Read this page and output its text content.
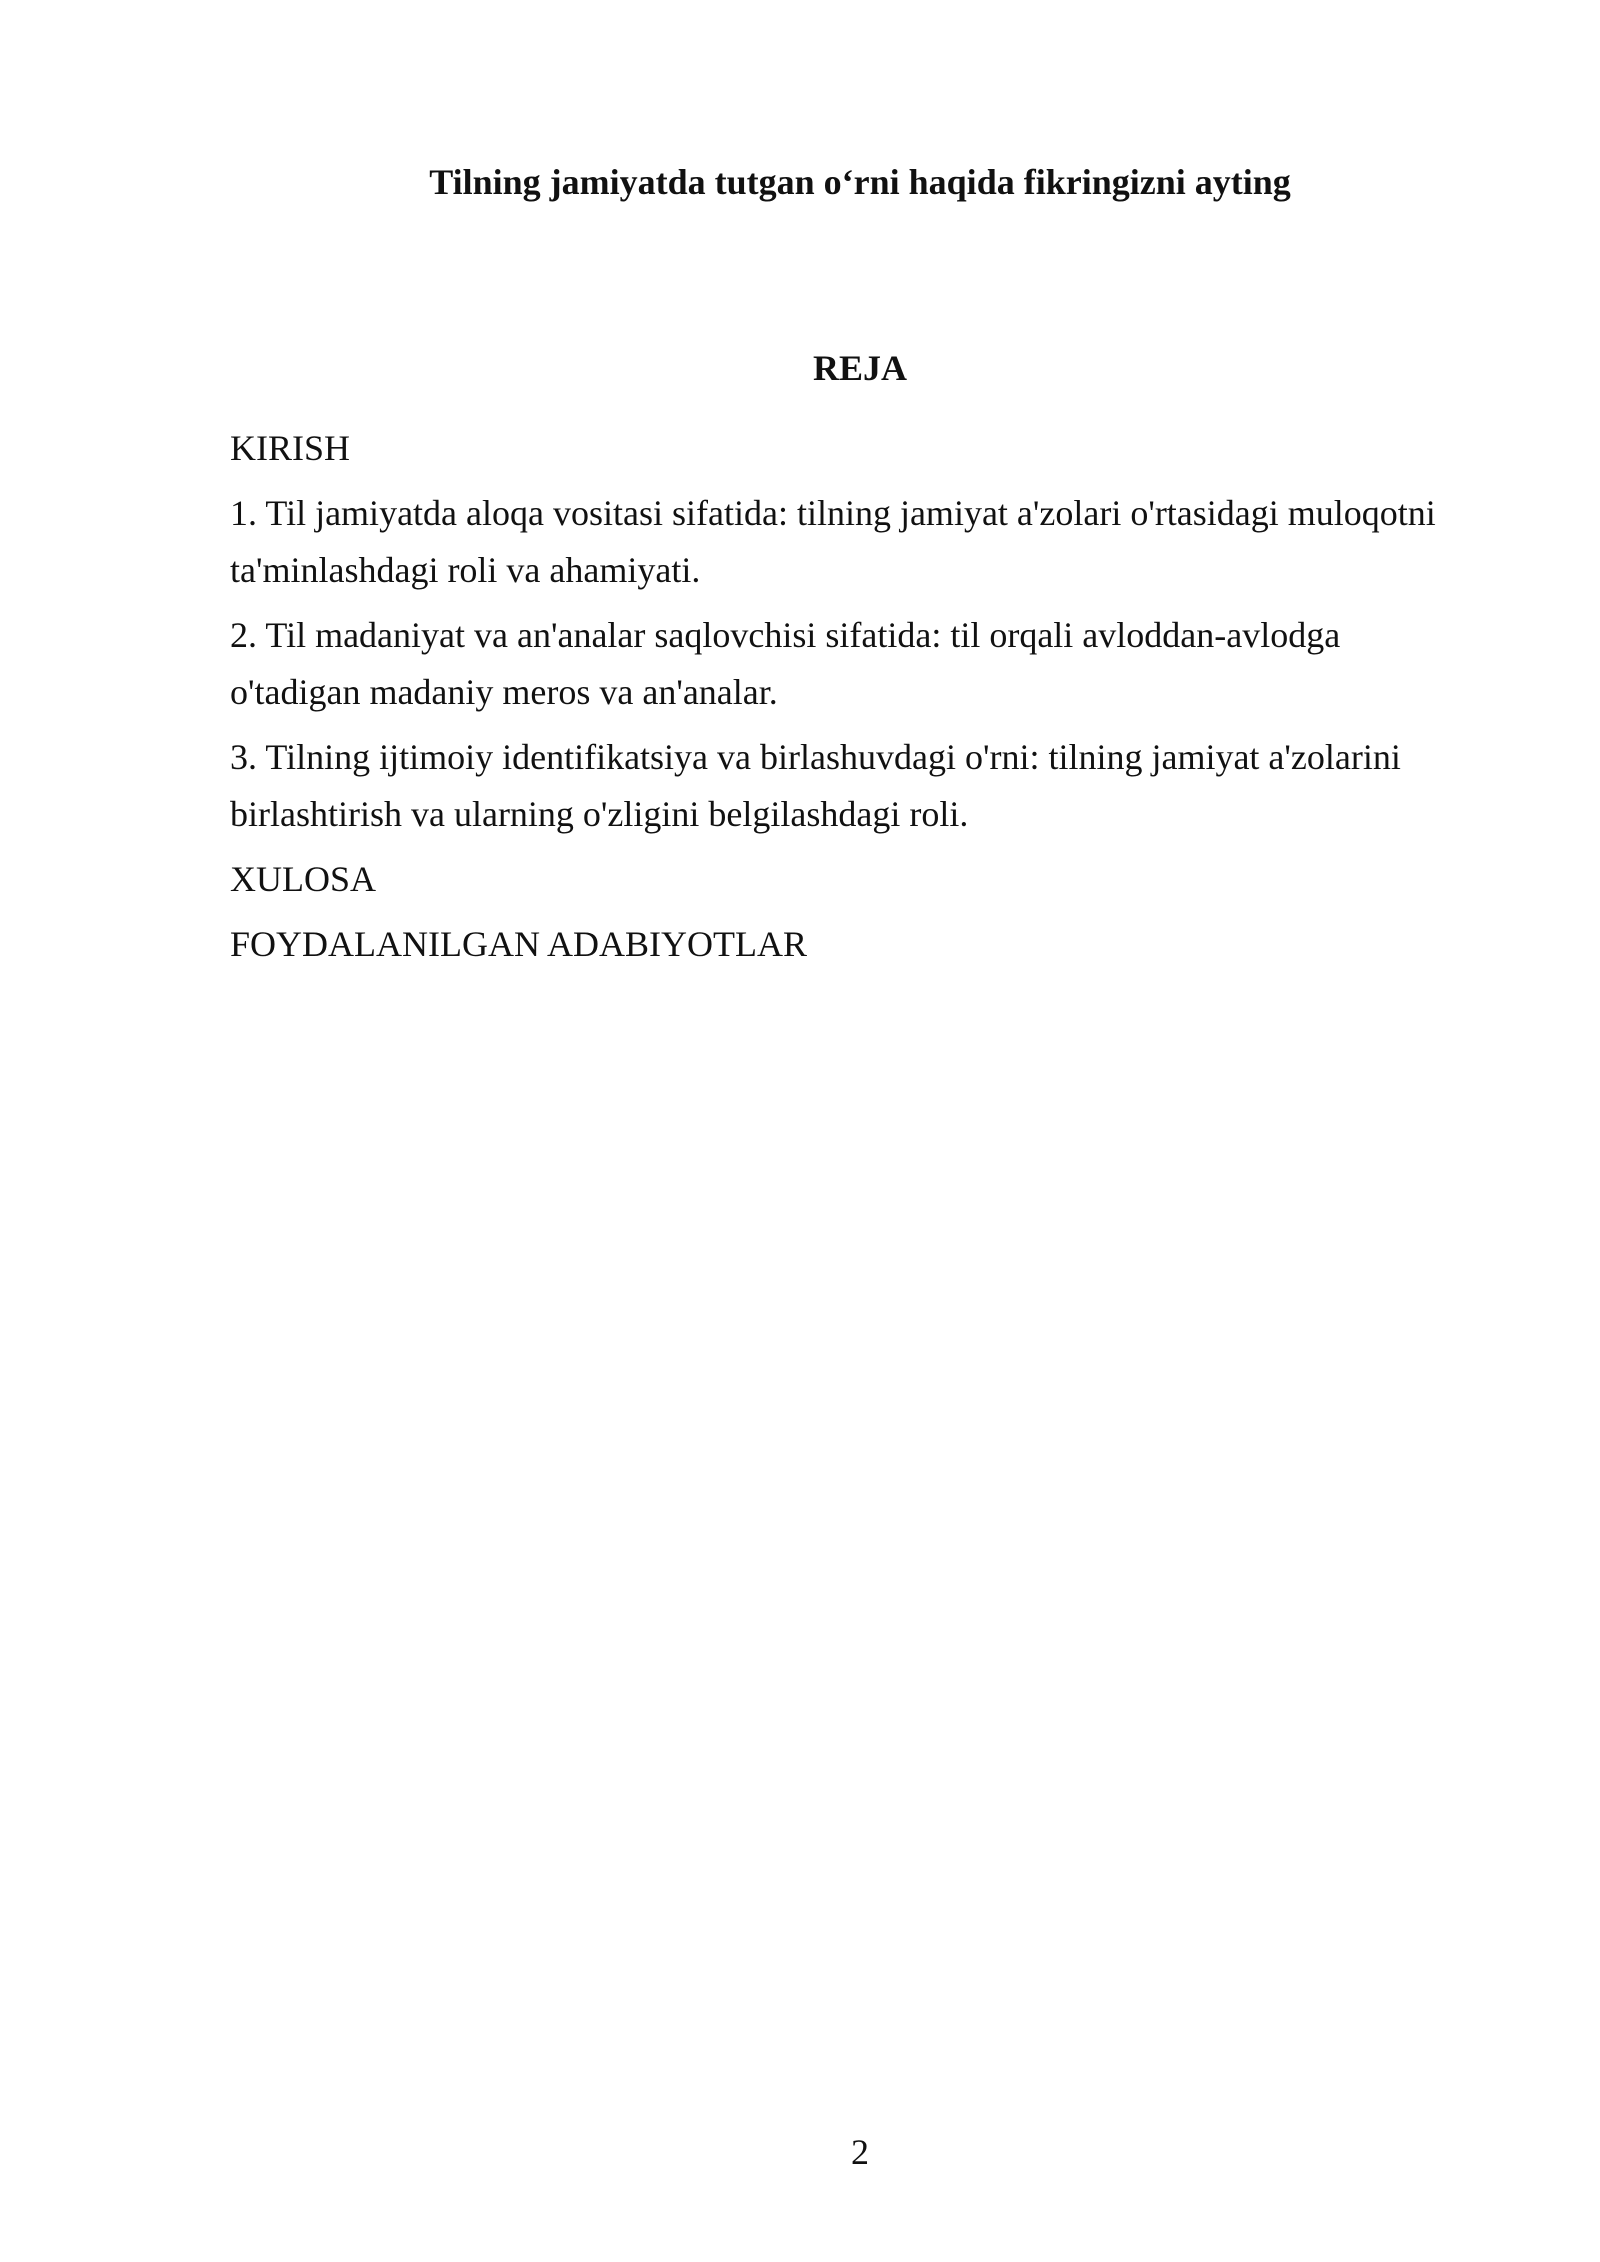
Tilning jamiyatda tutgan o‘rni haqida fikringizni ayting
REJA

KIRISH

1. Til jamiyatda aloqa vositasi sifatida: tilning jamiyat a'zolari o'rtasidagi muloqotni ta'minlashdagi roli va ahamiyati.

2. Til madaniyat va an'analar saqlovchisi sifatida: til orqali avloddan-avlodga o'tadigan madaniy meros va an'analar.

3. Tilning ijtimoiy identifikatsiya va birlashuvdagi o'rni: tilning jamiyat a'zolarini birlashtirish va ularning o'zligini belgilashdagi roli.

XULOSA

FOYDALANILGAN ADABIYOTLAR

2
